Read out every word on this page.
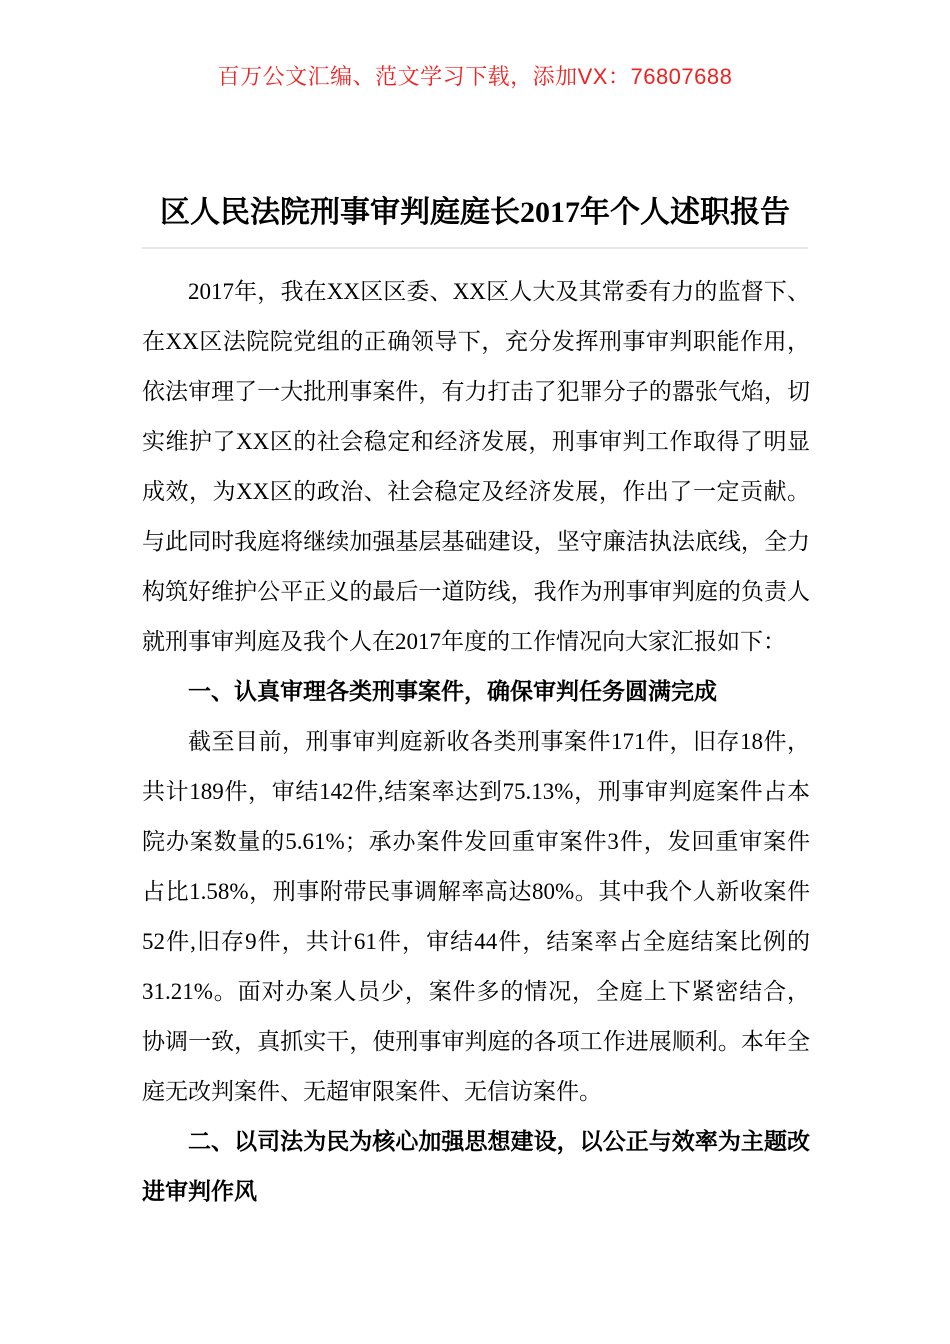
百万公文汇编、范文学习下载，添加VX：76807688
区人民法院刑事审判庭庭长2017年个人述职报告

2017年，我在XX区区委、XX区人大及其常委有力的监督下、在XX区法院院党组的正确领导下，充分发挥刑事审判职能作用，依法审理了一大批刑事案件，有力打击了犯罪分子的嚣张气焰，切实维护了XX区的社会稳定和经济发展，刑事审判工作取得了明显成效，为XX区的政治、社会稳定及经济发展，作出了一定贡献。与此同时我庭将继续加强基层基础建设，坚守廉洁执法底线，全力构筑好维护公平正义的最后一道防线，我作为刑事审判庭的负责人就刑事审判庭及我个人在2017年度的工作情况向大家汇报如下：

一、认真审理各类刑事案件，确保审判任务圆满完成

截至目前，刑事审判庭新收各类刑事案件171件，旧存18件，共计189件，审结142件,结案率达到75.13%，刑事审判庭案件占本院办案数量的5.61%；承办案件发回重审案件3件，发回重审案件占比1.58%，刑事附带民事调解率高达80%。其中我个人新收案件52件,旧存9件，共计61件，审结44件，结案率占全庭结案比例的31.21%。面对办案人员少，案件多的情况，全庭上下紧密结合，协调一致，真抓实干，使刑事审判庭的各项工作进展顺利。本年全庭无改判案件、无超审限案件、无信访案件。

二、以司法为民为核心加强思想建设，以公正与效率为主题改进审判作风
